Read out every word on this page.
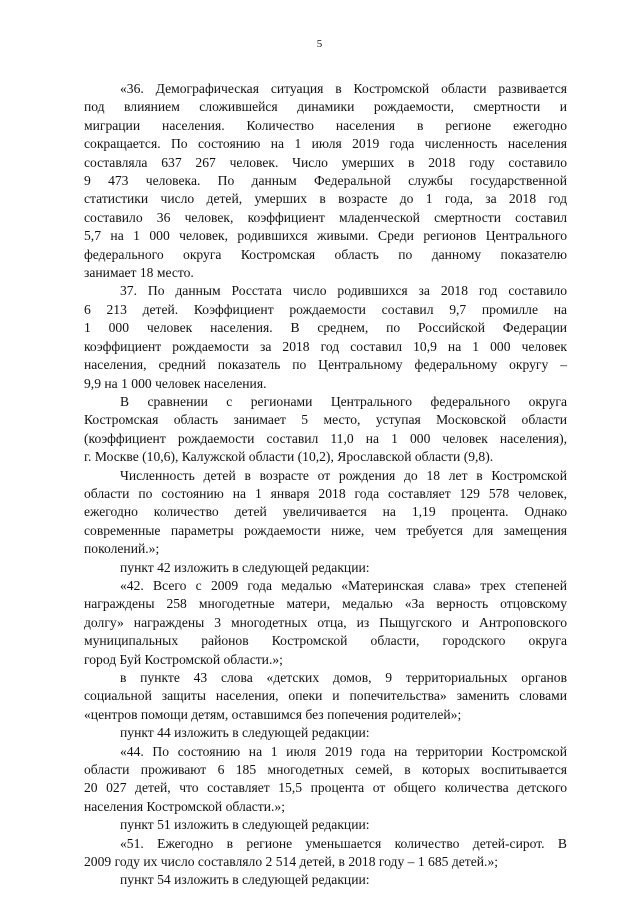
5

«36. Демографическая ситуация в Костромской области развивается
под влиянием сложившейся динамики рождаемости, смертности и
миграции населения. Количество населения в регионе ежегодно
сокращается. По состоянию на 1 июля 2019 года численность населения
составляла 637 267 человек. Число умерших в 2018 году составило
9 473 человека. По данным Федеральной службы государственной
статистики число детей, умерших в возрасте до 1 года, за 2018 год
составило 36 человек, коэффициент младенческой смертности составил
5,7 на 1 000 человек, родившихся живыми. Среди регионов Центрального
федерального округа Костромская область по данному показателю
занимает 18 место.

37. По данным Росстата число родившихся за 2018 год составило
6 213 детей. Коэффициент рождаемости составил 9,7 промилле на
1 000 человек населения. В среднем, по Российской Федерации
коэффициент рождаемости за 2018 год составил 10,9 на 1 000 человек
населения, средний показатель по Центральному федеральному округу –
9,9 на 1 000 человек населения.

В сравнении с регионами Центрального федерального округа
Костромская область занимает 5 место, уступая Московской области
(коэффициент рождаемости составил 11,0 на 1 000 человек населения),
г. Москве (10,6), Калужской области (10,2), Ярославской области (9,8).

Численность детей в возрасте от рождения до 18 лет в Костромской
области по состоянию на 1 января 2018 года составляет 129 578 человек,
ежегодно количество детей увеличивается на 1,19 процента. Однако
современные параметры рождаемости ниже, чем требуется для замещения
поколений.»;

пункт 42 изложить в следующей редакции:

«42. Всего с 2009 года медалью «Материнская слава» трех степеней
награждены 258 многодетные матери, медалью «За верность отцовскому
долгу» награждены 3 многодетных отца, из Пыщугского и Антроповского
муниципальных районов Костромской области, городского округа
город Буй Костромской области.»;

в пункте 43 слова «детских домов, 9 территориальных органов
социальной защиты населения, опеки и попечительства» заменить словами
«центров помощи детям, оставшимся без попечения родителей»;

пункт 44 изложить в следующей редакции:

«44. По состоянию на 1 июля 2019 года на территории Костромской
области проживают 6 185 многодетных семей, в которых воспитывается
20 027 детей, что составляет 15,5 процента от общего количества детского
населения Костромской области.»;

пункт 51 изложить в следующей редакции:

«51. Ежегодно в регионе уменьшается количество детей-сирот. В
2009 году их число составляло 2 514 детей, в 2018 году – 1 685 детей.»;

пункт 54 изложить в следующей редакции:
